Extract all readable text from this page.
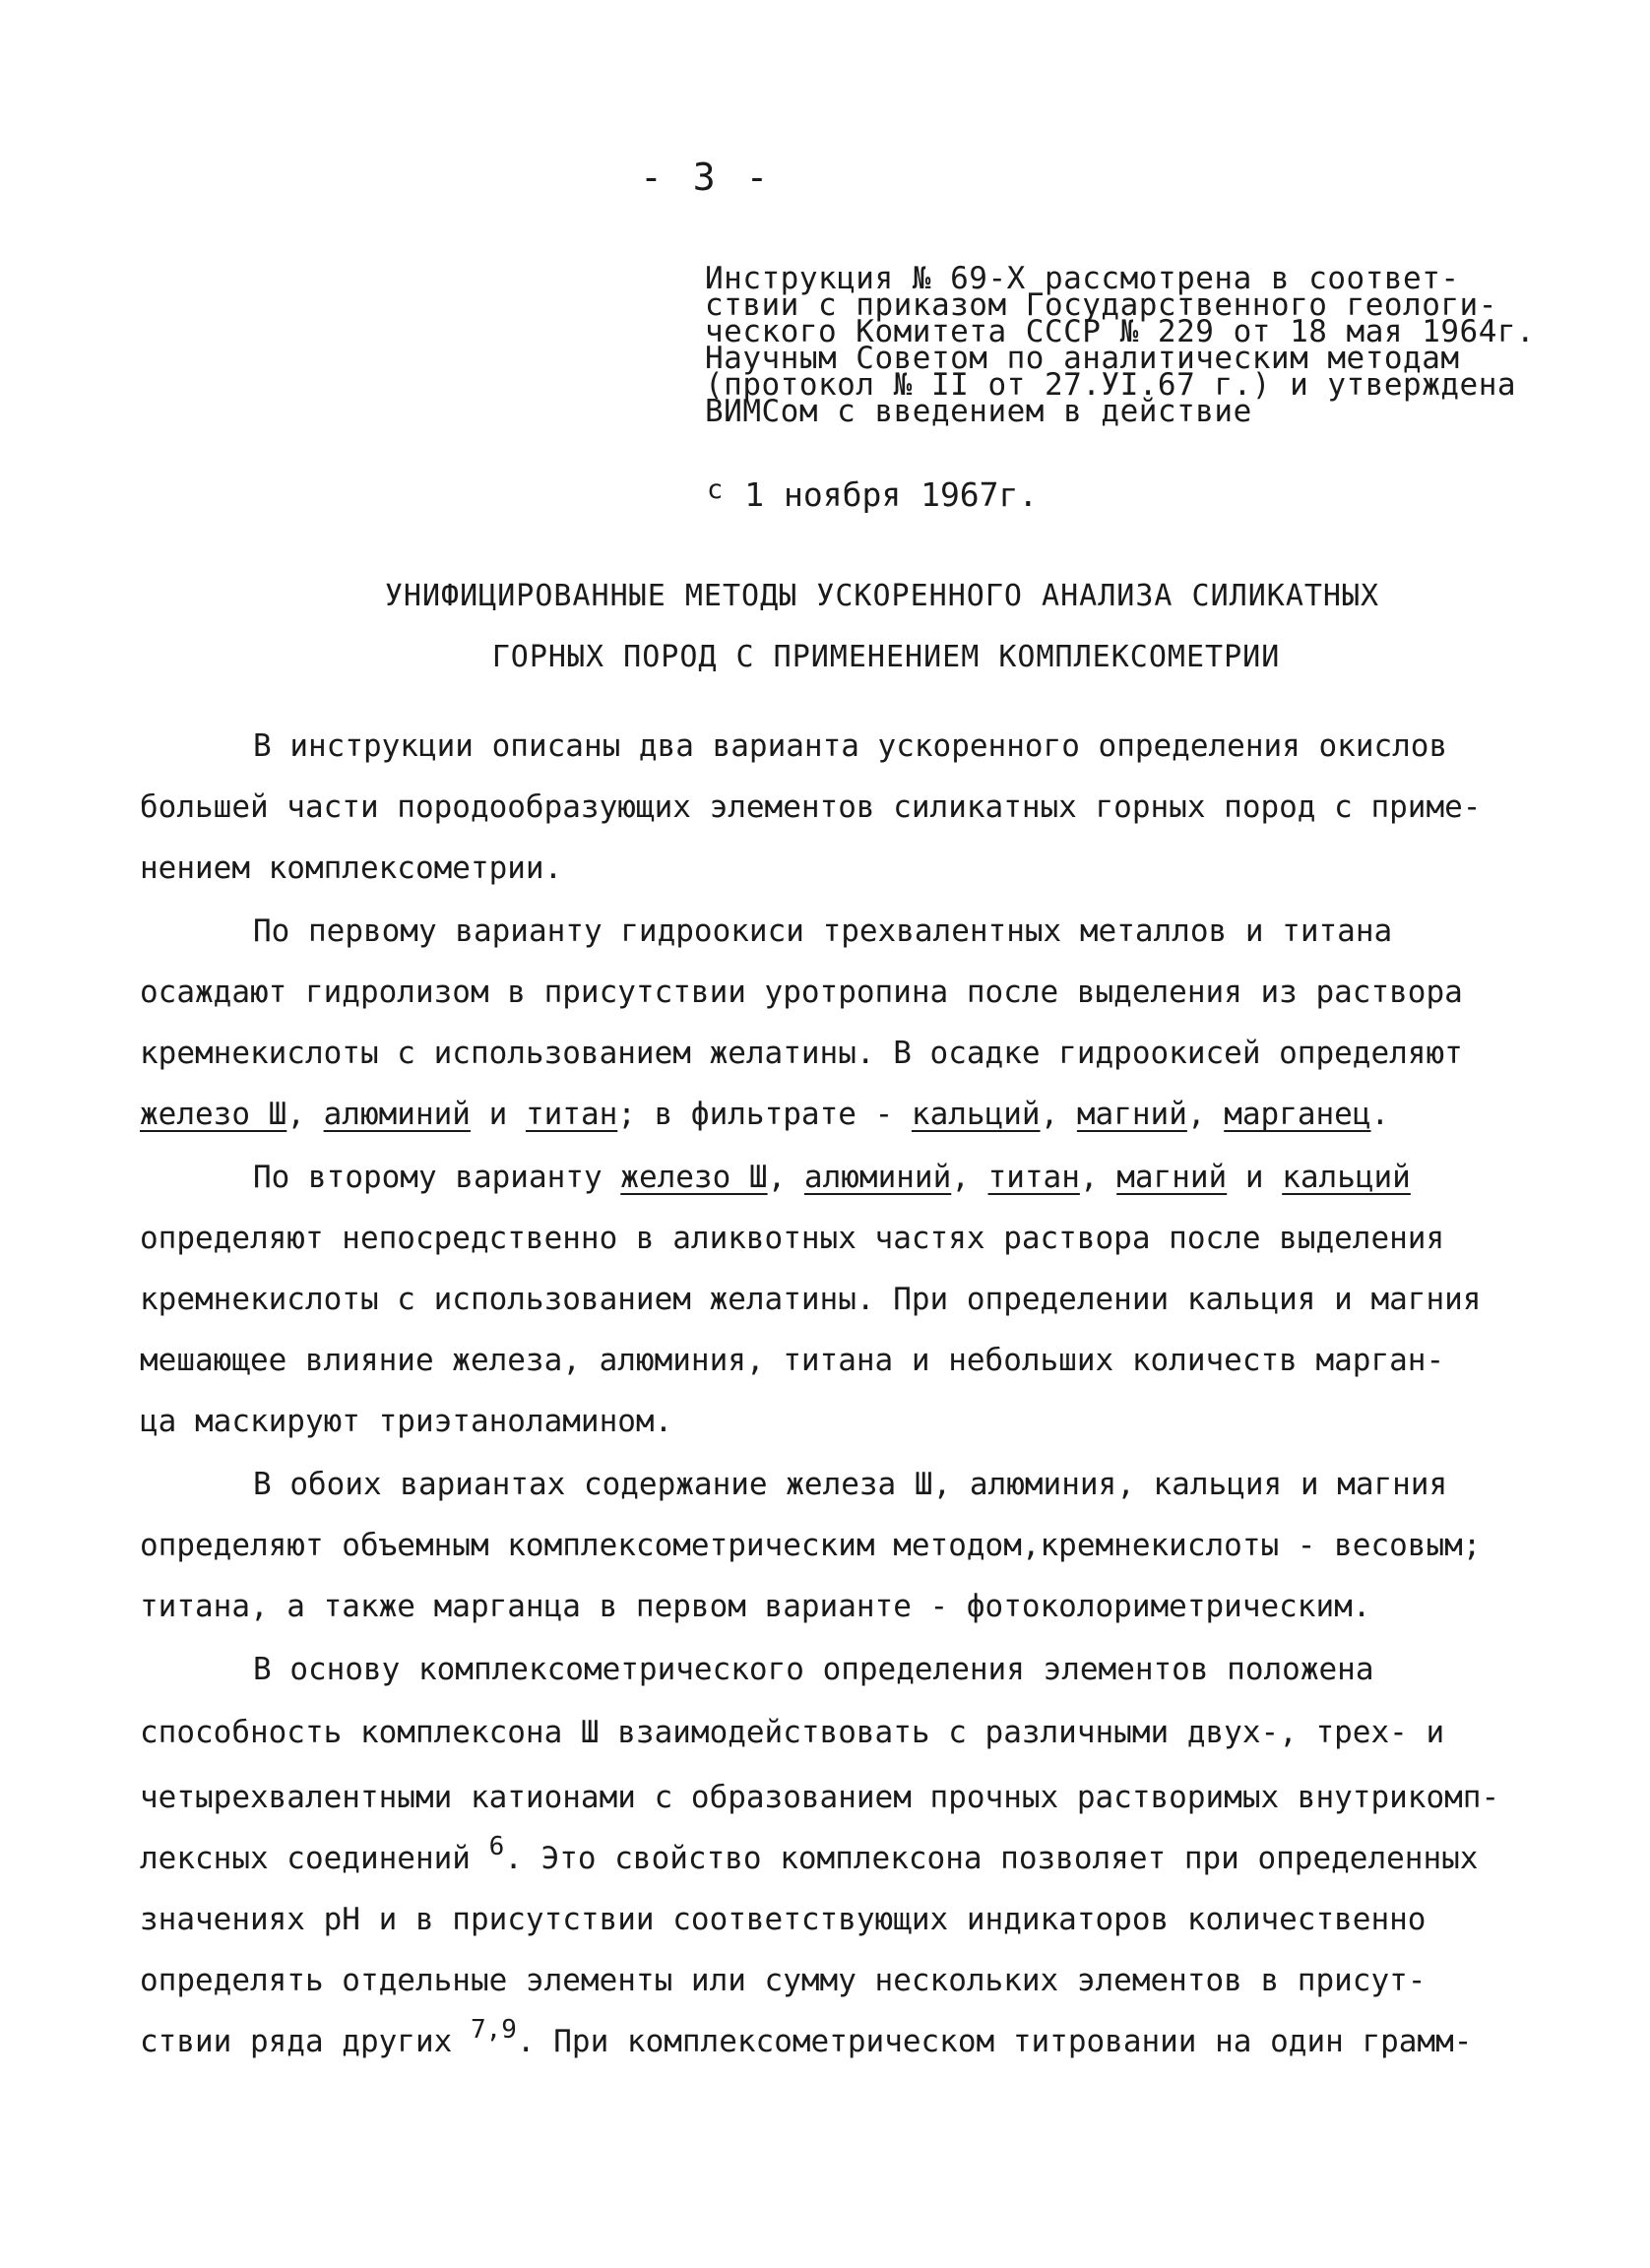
- 3 -
Инструкция № 69-Х рассмотрена в соответ-
ствии с приказом Государственного геологи-
ческого Комитета СССР № 229 от 18 мая 1964г.
Научным Советом по аналитическим методам
(протокол № II от 27.УI.67 г.) и утверждена
ВИМСом с введением в действие
$^с$ 1 ноября 1967г.
УНИФИЦИРОВАННЫЕ МЕТОДЫ УСКОРЕННОГО АНАЛИЗА СИЛИКАТНЫХ
ГОРНЫХ ПОРОД С ПРИМЕНЕНИЕМ КОМПЛЕКСОМЕТРИИ
В инструкции описаны два варианта ускоренного определения окислов
большей части породообразующих элементов силикатных горных пород с приме-
нением комплексометрии.
По первому варианту гидроокиси трехвалентных металлов и титана
осаждают гидролизом в присутствии уротропина после выделения из раствора
кремнекислоты с использованием желатины. В осадке гидроокисей определяют
железо Ш, алюминий и титан; в фильтрате - кальций, магний, марганец.
По второму варианту железо Ш, алюминий, титан, магний и кальций
определяют непосредственно в аликвотных частях раствора после выделения
кремнекислоты с использованием желатины. При определении кальция и магния
мешающее влияние железа, алюминия, титана и небольших количеств марган-
ца маскируют триэтаноламином.
В обоих вариантах содержание железа Ш, алюминия, кальция и магния
определяют объемным комплексометрическим методом,кремнекислоты - весовым;
титана, а также марганца в первом варианте - фотоколориметрическим.
В основу комплексометрического определения элементов положена
способность комплексона Ш взаимодействовать с различными двух-, трех- и
четырехвалентными катионами с образованием прочных растворимых внутрикомп-
лексных соединений $^6$. Это свойство комплексона позволяет при определенных
значениях рН и в присутствии соответствующих индикаторов количественно
определять отдельные элементы или сумму нескольких элементов в присут-
ствии ряда других $^{7,9}$. При комплексометрическом титровании на один грамм-
